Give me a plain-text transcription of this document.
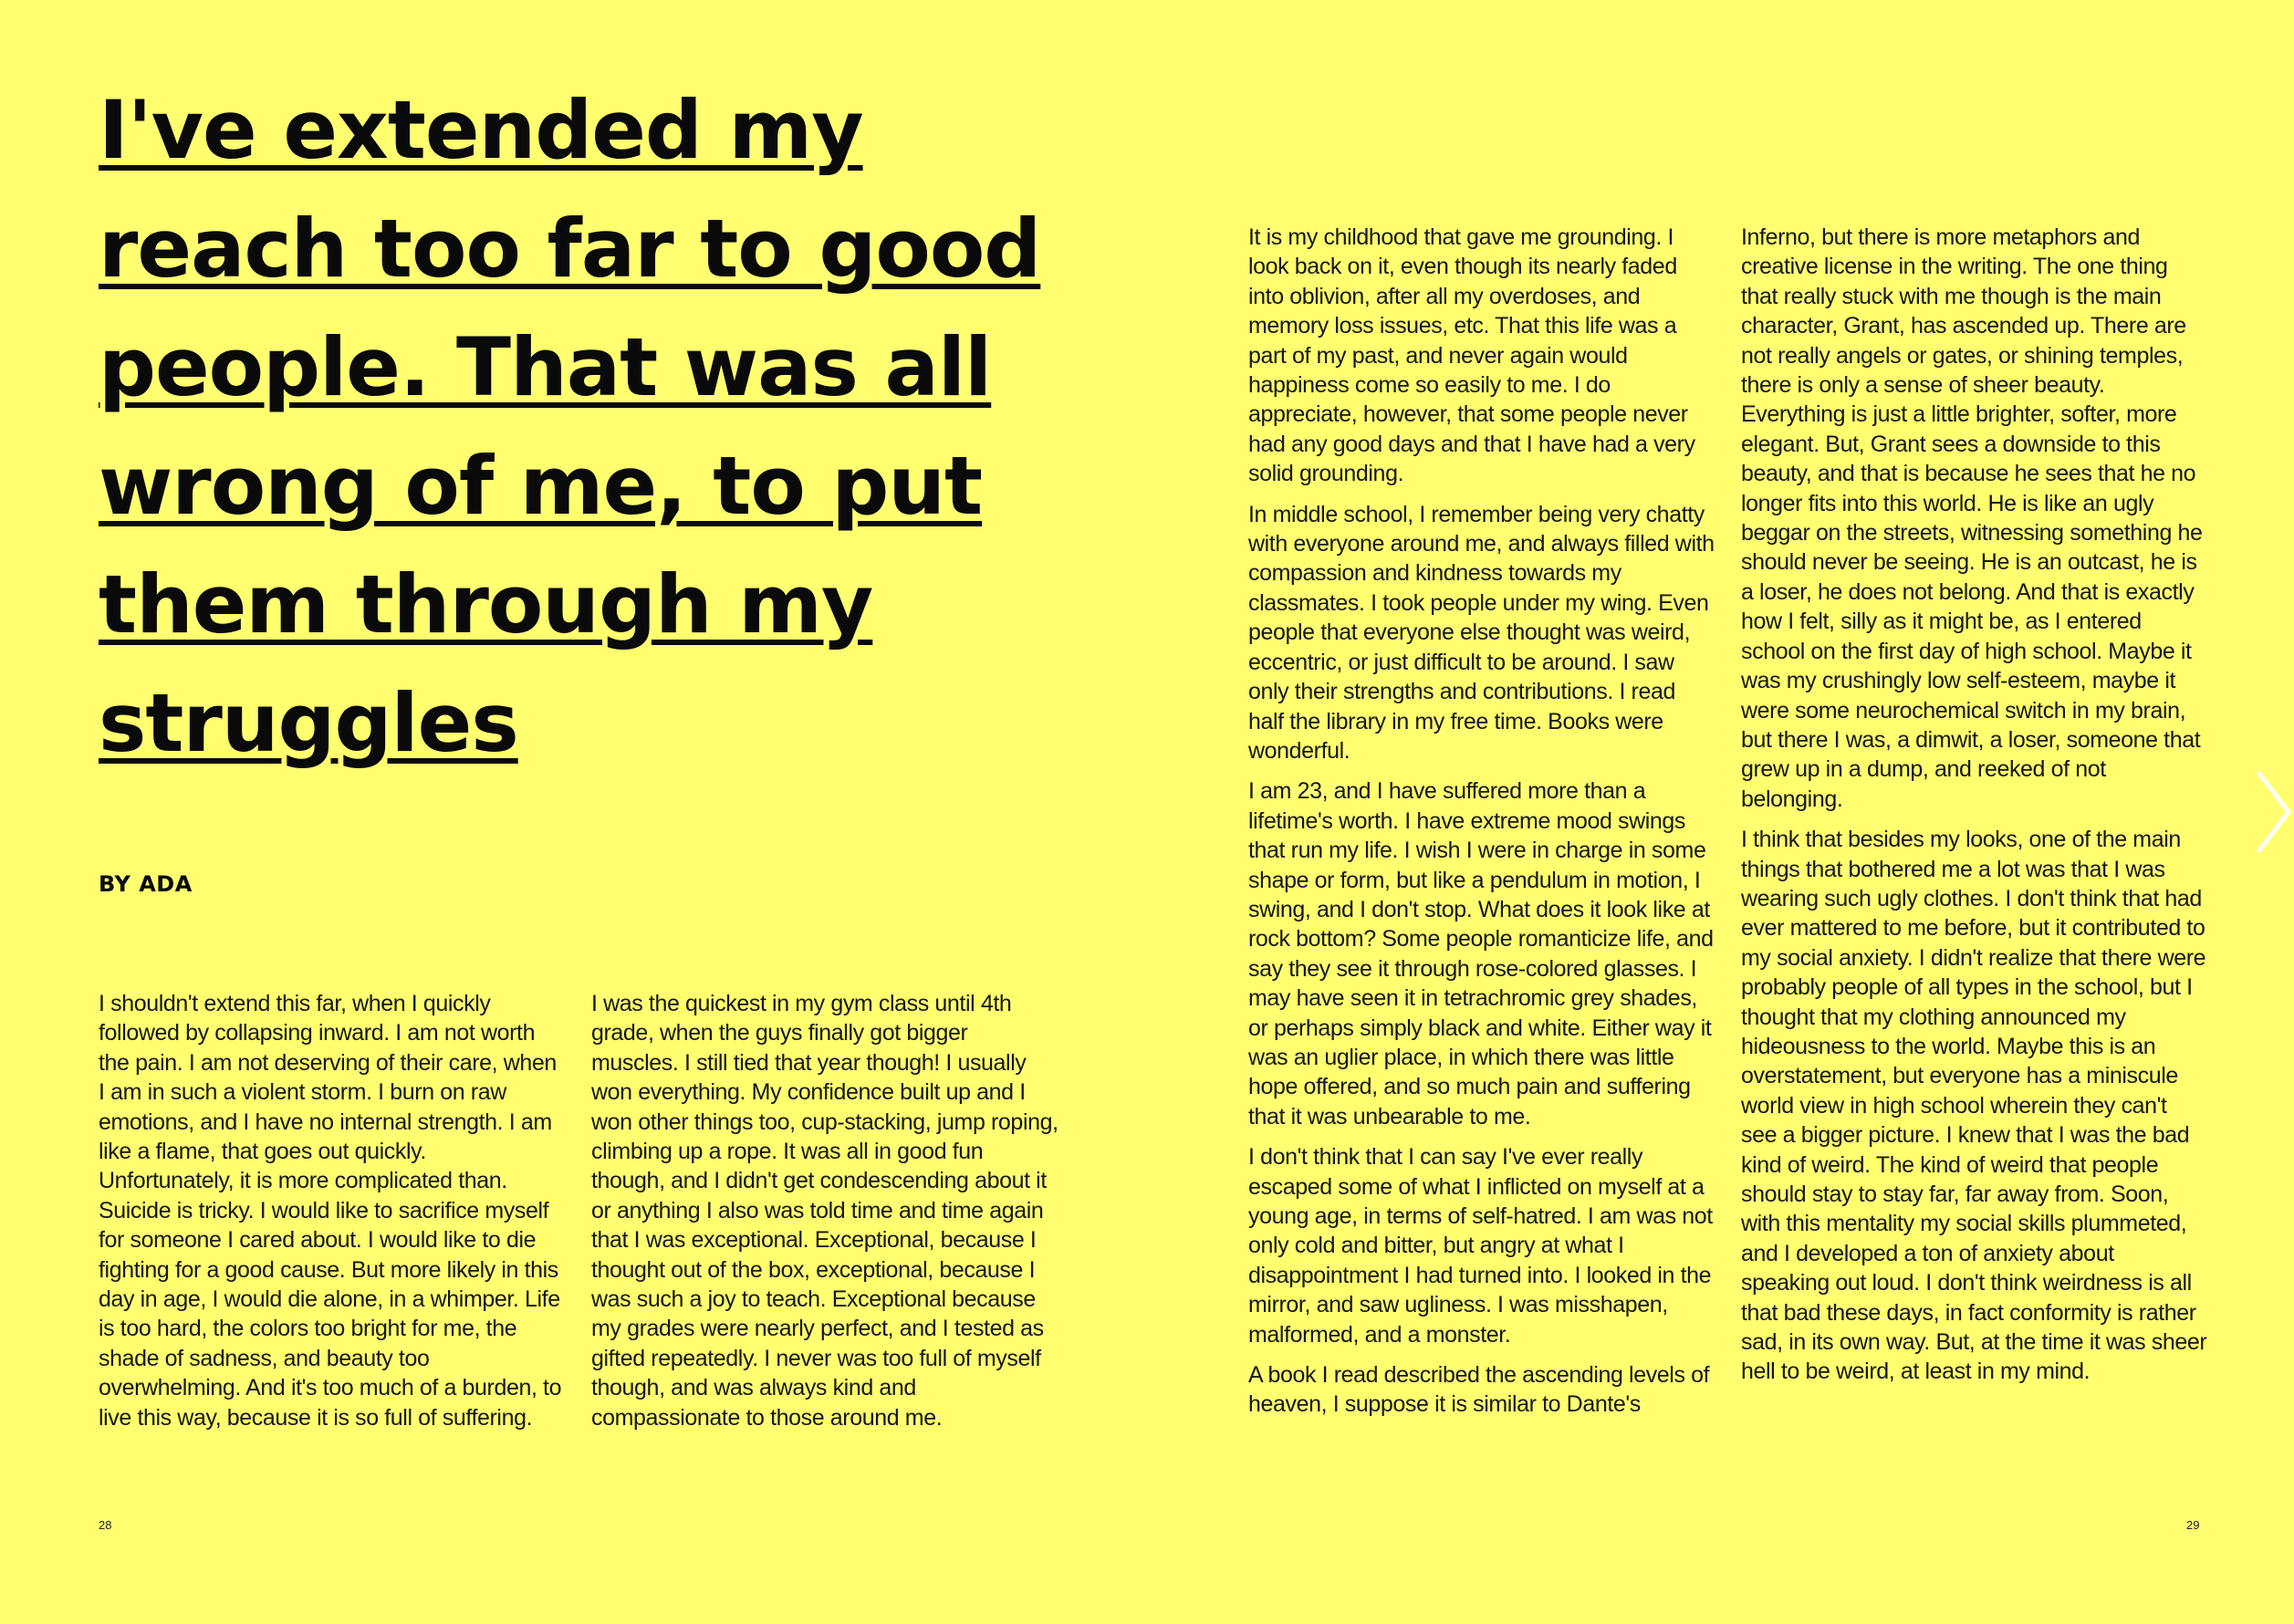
I've extended my
reach too far to good
people. That was all
wrong of me, to put
them through my
struggles
BY ADA

I shouldn't extend this far, when I quickly followed by collapsing inward. I am not worth the pain. I am not deserving of their care, when I am in such a violent storm. I burn on raw emotions, and I have no internal strength. I am like a flame, that goes out quickly. Unfortunately, it is more complicated than. Suicide is tricky. I would like to sacrifice myself for someone I cared about. I would like to die fighting for a good cause. But more likely in this day in age, I would die alone, in a whimper. Life is too hard, the colors too bright for me, the shade of sadness, and beauty too overwhelming. And it's too much of a burden, to live this way, because it is so full of suffering.

I was the quickest in my gym class until 4th grade, when the guys finally got bigger muscles. I still tied that year though! I usually won everything. My confidence built up and I won other things too, cup-stacking, jump roping, climbing up a rope. It was all in good fun though, and I didn't get condescending about it or anything I also was told time and time again that I was exceptional. Exceptional, because I thought out of the box, exceptional, because I was such a joy to teach. Exceptional because my grades were nearly perfect, and I tested as gifted repeatedly. I never was too full of myself though, and was always kind and compassionate to those around me.

It is my childhood that gave me grounding. I look back on it, even though its nearly faded into oblivion, after all my overdoses, and memory loss issues, etc. That this life was a part of my past, and never again would happiness come so easily to me. I do appreciate, however, that some people never had any good days and that I have had a very solid grounding.

In middle school, I remember being very chatty with everyone around me, and always filled with compassion and kindness towards my classmates. I took people under my wing. Even people that everyone else thought was weird, eccentric, or just difficult to be around. I saw only their strengths and contributions. I read half the library in my free time. Books were wonderful.

I am 23, and I have suffered more than a lifetime's worth. I have extreme mood swings that run my life. I wish I were in charge in some shape or form, but like a pendulum in motion, I swing, and I don't stop. What does it look like at rock bottom? Some people romanticize life, and say they see it through rose-colored glasses. I may have seen it in tetrachromic grey shades, or perhaps simply black and white. Either way it was an uglier place, in which there was little hope offered, and so much pain and suffering that it was unbearable to me.

I don't think that I can say I've ever really escaped some of what I inflicted on myself at a young age, in terms of self-hatred. I am was not only cold and bitter, but angry at what I disappointment I had turned into. I looked in the mirror, and saw ugliness. I was misshapen, malformed, and a monster.

A book I read described the ascending levels of heaven, I suppose it is similar to Dante's

Inferno, but there is more metaphors and creative license in the writing. The one thing that really stuck with me though is the main character, Grant, has ascended up. There are not really angels or gates, or shining temples, there is only a sense of sheer beauty. Everything is just a little brighter, softer, more elegant. But, Grant sees a downside to this beauty, and that is because he sees that he no longer fits into this world. He is like an ugly beggar on the streets, witnessing something he should never be seeing. He is an outcast, he is a loser, he does not belong. And that is exactly how I felt, silly as it might be, as I entered school on the first day of high school. Maybe it was my crushingly low self-esteem, maybe it were some neurochemical switch in my brain, but there I was, a dimwit, a loser, someone that grew up in a dump, and reeked of not belonging.

I think that besides my looks, one of the main things that bothered me a lot was that I was wearing such ugly clothes. I don't think that had ever mattered to me before, but it contributed to my social anxiety. I didn't realize that there were probably people of all types in the school, but I thought that my clothing announced my hideousness to the world. Maybe this is an overstatement, but everyone has a miniscule world view in high school wherein they can't see a bigger picture. I knew that I was the bad kind of weird. The kind of weird that people should stay to stay far, far away from. Soon, with this mentality my social skills plummeted, and I developed a ton of anxiety about speaking out loud. I don't think weirdness is all that bad these days, in fact conformity is rather sad, in its own way. But, at the time it was sheer hell to be weird, at least in my mind.

28	29
